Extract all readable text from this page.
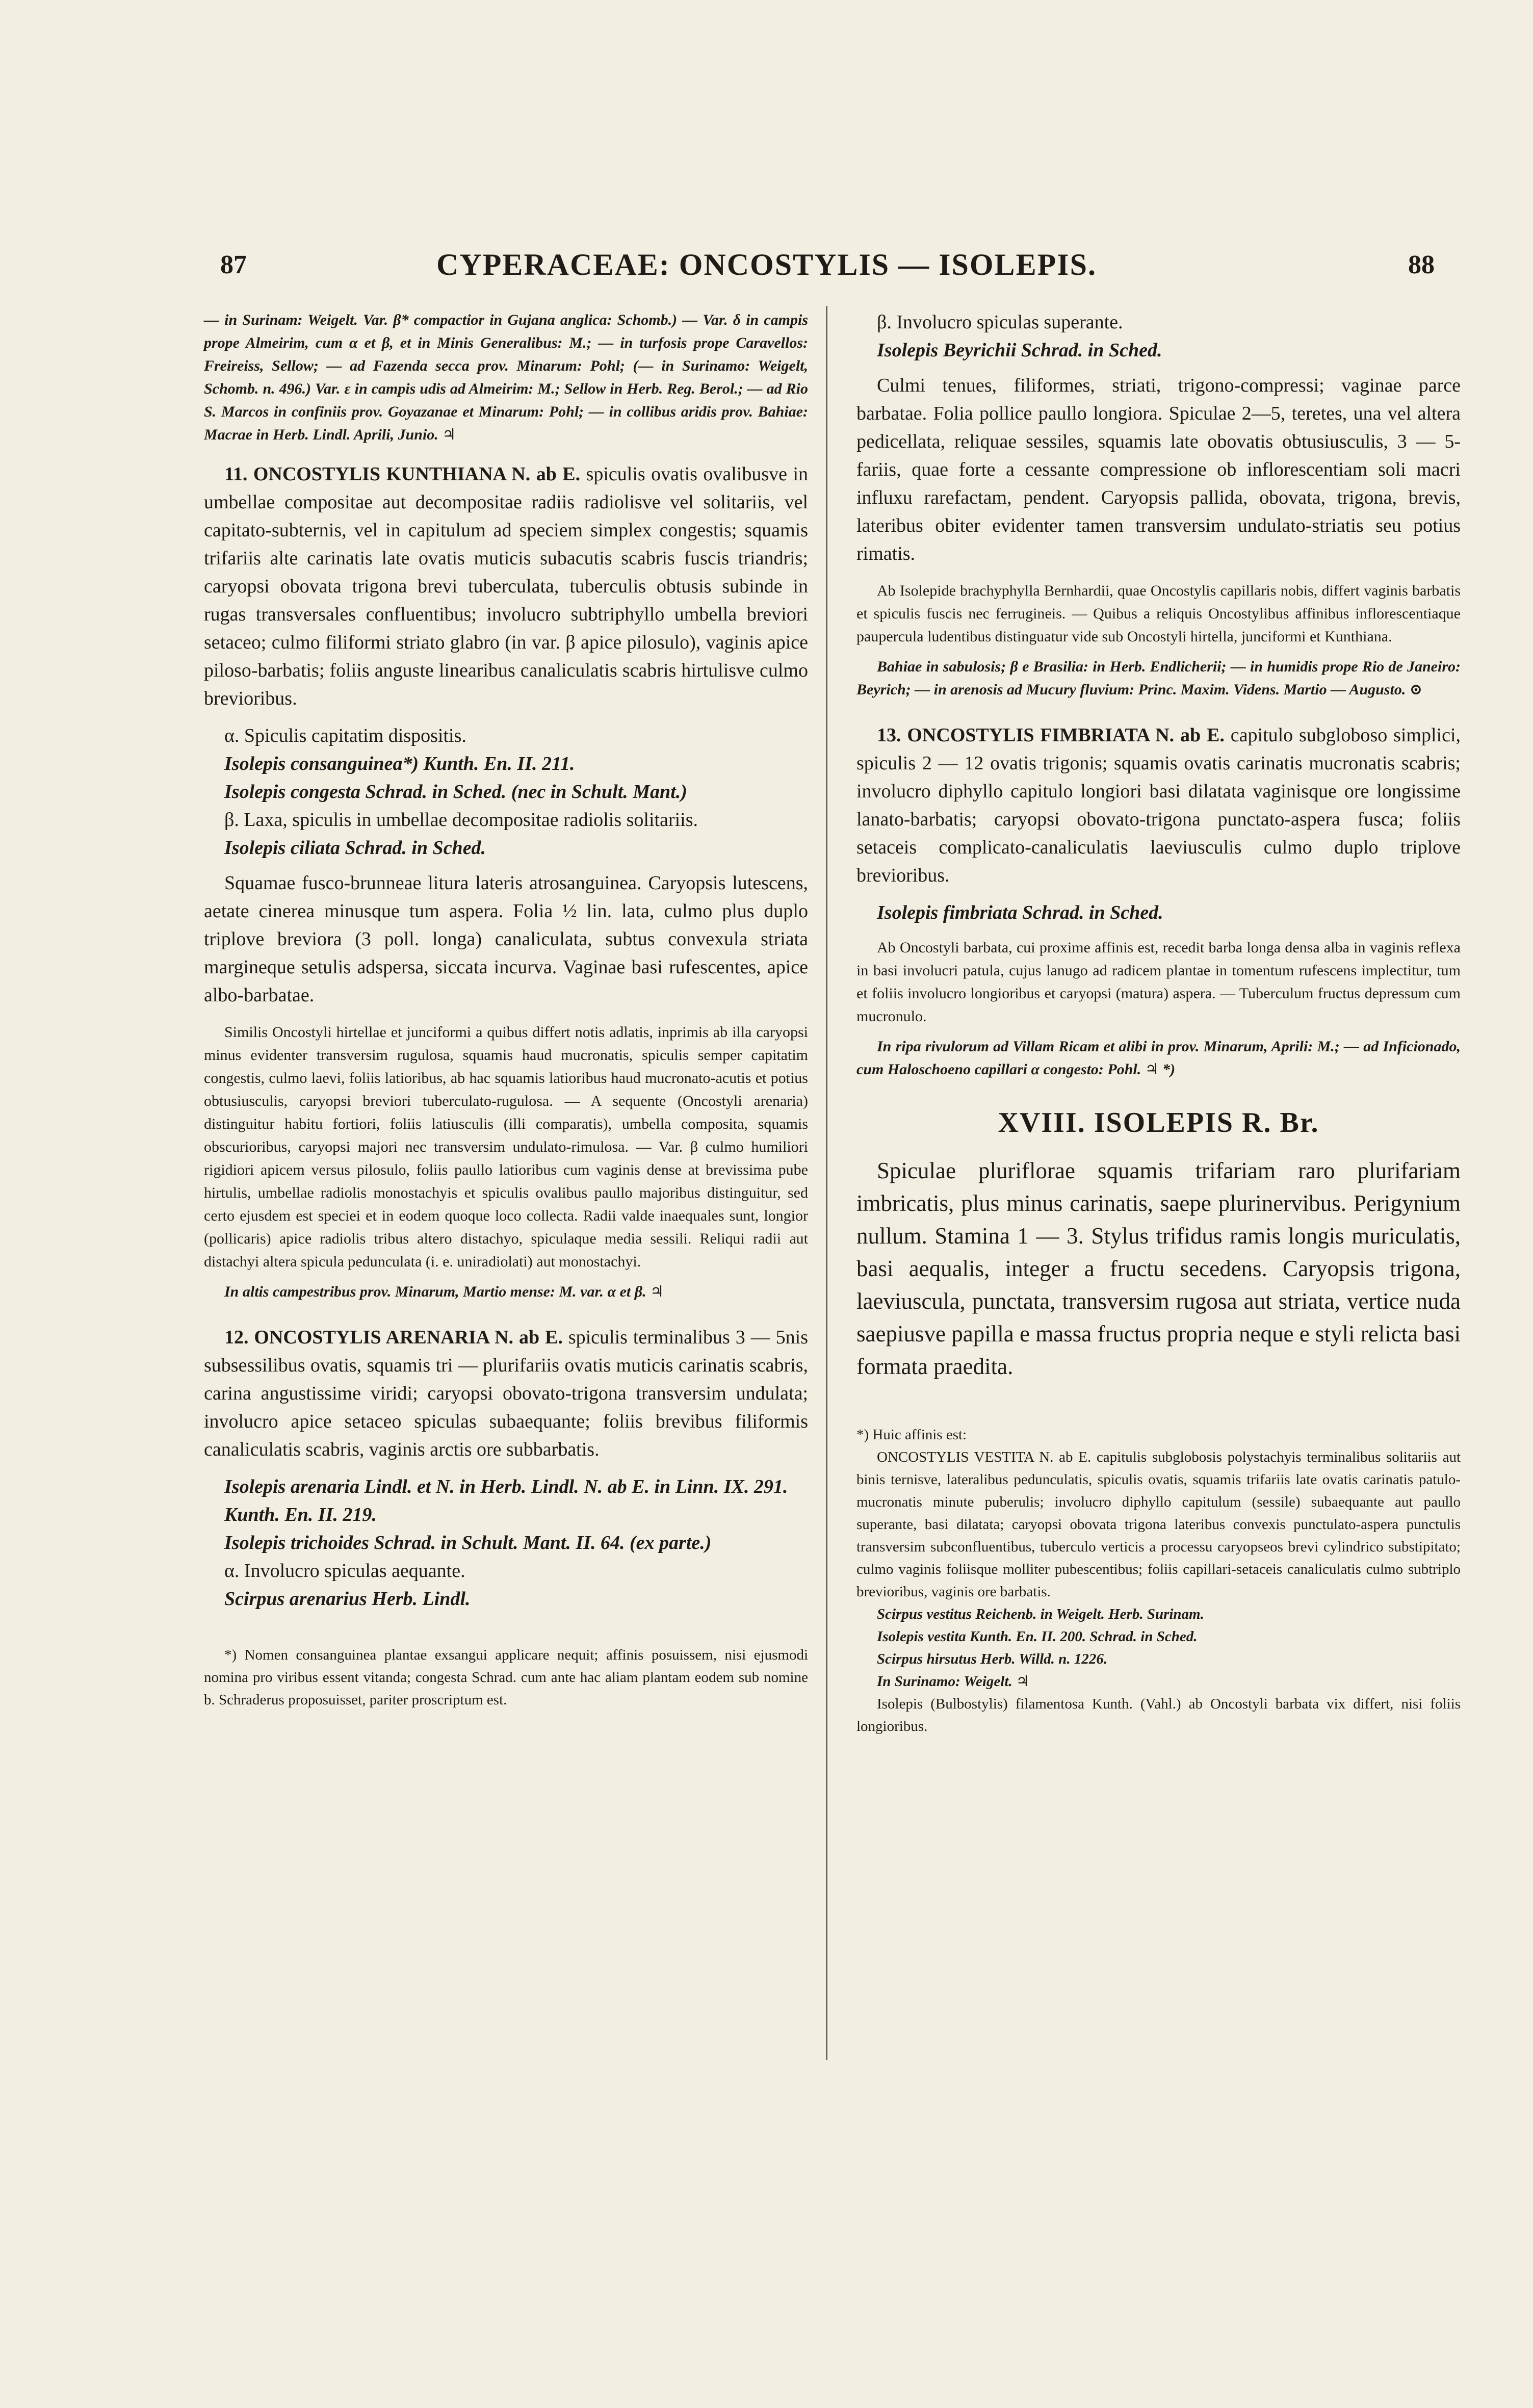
87	CYPERACEAE: ONCOSTYLIS — ISOLEPIS.	88

— in Surinam: Weigelt. Var. β* compactior in Gujana anglica: Schomb.) — Var. δ in campis prope Almeirim, cum α et β, et in Minis Generalibus: M.; — in turfosis prope Caravellos: Freireiss, Sellow; — ad Fazenda secca prov. Minarum: Pohl; (— in Surinamo: Weigelt, Schomb. n. 496.) Var. ε in campis udis ad Almeirim: M.; Sellow in Herb. Reg. Berol.; — ad Rio S. Marcos in confiniis prov. Goyazanae et Minarum: Pohl; — in collibus aridis prov. Bahiae: Macrae in Herb. Lindl. Aprili, Junio. ♃

11. ONCOSTYLIS KUNTHIANA N. ab E. spiculis ovatis ovalibusve in umbellae compositae aut decompositae radiis radiolisve vel solitariis, vel capitato-subternis, vel in capitulum ad speciem simplex congestis; squamis trifariis alte carinatis late ovatis muticis subacutis scabris fuscis triandris; caryopsi obovata trigona brevi tuberculata, tuberculis obtusis subinde in rugas transversales confluentibus; involucro subtriphyllo umbella breviori setaceo; culmo filiformi striato glabro (in var. β apice pilosulo), vaginis apice piloso-barbatis; foliis anguste linearibus canaliculatis scabris hirtulisve culmo brevioribus.

α. Spiculis capitatim dispositis.

Isolepis consanguinea*) Kunth. En. II. 211.

Isolepis congesta Schrad. in Sched. (nec in Schult. Mant.)

β. Laxa, spiculis in umbellae decompositae radiolis solitariis.

Isolepis ciliata Schrad. in Sched.

Squamae fusco-brunneae litura lateris atrosanguinea. Caryopsis lutescens, aetate cinerea minusque tum aspera. Folia ½ lin. lata, culmo plus duplo triplove breviora (3 poll. longa) canaliculata, subtus convexula striata margineque setulis adspersa, siccata incurva. Vaginae basi rufescentes, apice albo-barbatae.

Similis Oncostyli hirtellae et junciformi a quibus differt notis adlatis, inprimis ab illa caryopsi minus evidenter transversim rugulosa, squamis haud mucronatis, spiculis semper capitatim congestis, culmo laevi, foliis latioribus, ab hac squamis latioribus haud mucronato-acutis et potius obtusiusculis, caryopsi breviori tuberculato-rugulosa. — A sequente (Oncostyli arenaria) distinguitur habitu fortiori, foliis latiusculis (illi comparatis), umbella composita, squamis obscurioribus, caryopsi majori nec transversim undulato-rimulosa. — Var. β culmo humiliori rigidiori apicem versus pilosulo, foliis paullo latioribus cum vaginis dense at brevissima pube hirtulis, umbellae radiolis monostachyis et spiculis ovalibus paullo majoribus distinguitur, sed certo ejusdem est speciei et in eodem quoque loco collecta. Radii valde inaequales sunt, longior (pollicaris) apice radiolis tribus altero distachyo, spiculaque media sessili. Reliqui radii aut distachyi altera spicula pedunculata (i. e. uniradiolati) aut monostachyi.

In altis campestribus prov. Minarum, Martio mense: M. var. α et β. ♃

12. ONCOSTYLIS ARENARIA N. ab E. spiculis terminalibus 3 — 5nis subsessilibus ovatis, squamis tri — plurifariis ovatis muticis carinatis scabris, carina angustissime viridi; caryopsi obovato-trigona transversim undulata; involucro apice setaceo spiculas subaequante; foliis brevibus filiformis canaliculatis scabris, vaginis arctis ore subbarbatis.

Isolepis arenaria Lindl. et N. in Herb. Lindl. N. ab E. in Linn. IX. 291. Kunth. En. II. 219.

Isolepis trichoides Schrad. in Schult. Mant. II. 64. (ex parte.)

α. Involucro spiculas aequante.

Scirpus arenarius Herb. Lindl.

*) Nomen consanguinea plantae exsangui applicare nequit; affinis posuissem, nisi ejusmodi nomina pro viribus essent vitanda; congesta Schrad. cum ante hac aliam plantam eodem sub nomine b. Schraderus proposuisset, pariter proscriptum est.

β. Involucro spiculas superante.

Isolepis Beyrichii Schrad. in Sched.

Culmi tenues, filiformes, striati, trigono-compressi; vaginae parce barbatae. Folia pollice paullo longiora. Spiculae 2—5, teretes, una vel altera pedicellata, reliquae sessiles, squamis late obovatis obtusiusculis, 3 — 5-fariis, quae forte a cessante compressione ob inflorescentiam soli macri influxu rarefactam, pendent. Caryopsis pallida, obovata, trigona, brevis, lateribus obiter evidenter tamen transversim undulato-striatis seu potius rimatis.

Ab Isolepide brachyphylla Bernhardii, quae Oncostylis capillaris nobis, differt vaginis barbatis et spiculis fuscis nec ferrugineis. — Quibus a reliquis Oncostylibus affinibus inflorescentiaque paupercula ludentibus distinguatur vide sub Oncostyli hirtella, junciformi et Kunthiana.

Bahiae in sabulosis; β e Brasilia: in Herb. Endlicherii; — in humidis prope Rio de Janeiro: Beyrich; — in arenosis ad Mucury fluvium: Princ. Maxim. Videns. Martio — Augusto. ⊙

13. ONCOSTYLIS FIMBRIATA N. ab E. capitulo subgloboso simplici, spiculis 2 — 12 ovatis trigonis; squamis ovatis carinatis mucronatis scabris; involucro diphyllo capitulo longiori basi dilatata vaginisque ore longissime lanato-barbatis; caryopsi obovato-trigona punctato-aspera fusca; foliis setaceis complicato-canaliculatis laeviusculis culmo duplo triplove brevioribus.

Isolepis fimbriata Schrad. in Sched.

Ab Oncostyli barbata, cui proxime affinis est, recedit barba longa densa alba in vaginis reflexa in basi involucri patula, cujus lanugo ad radicem plantae in tomentum rufescens implectitur, tum et foliis involucro longioribus et caryopsi (matura) aspera. — Tuberculum fructus depressum cum mucronulo.

In ripa rivulorum ad Villam Ricam et alibi in prov. Minarum, Aprili: M.; — ad Inficionado, cum Haloschoeno capillari α congesto: Pohl. ♃ *)

XVIII. ISOLEPIS R. Br.

Spiculae pluriflorae squamis trifariam raro plurifariam imbricatis, plus minus carinatis, saepe plurinervibus. Perigynium nullum. Stamina 1 — 3. Stylus trifidus ramis longis muriculatis, basi aequalis, integer a fructu secedens. Caryopsis trigona, laeviuscula, punctata, transversim rugosa aut striata, vertice nuda saepiusve papilla e massa fructus propria neque e styli relicta basi formata praedita.

*) Huic affinis est:

ONCOSTYLIS VESTITA N. ab E. capitulis subglobosis polystachyis terminalibus solitariis aut binis ternisve, lateralibus pedunculatis, spiculis ovatis, squamis trifariis late ovatis carinatis patulo-mucronatis minute puberulis; involucro diphyllo capitulum (sessile) subaequante aut paullo superante, basi dilatata; caryopsi obovata trigona lateribus convexis punctulato-aspera punctulis transversim subconfluentibus, tuberculo verticis a processu caryopseos brevi cylindrico substipitato; culmo vaginis foliisque molliter pubescentibus; foliis capillari-setaceis canaliculatis culmo subtriplo brevioribus, vaginis ore barbatis.

Scirpus vestitus Reichenb. in Weigelt. Herb. Surinam.

Isolepis vestita Kunth. En. II. 200. Schrad. in Sched.

Scirpus hirsutus Herb. Willd. n. 1226.

In Surinamo: Weigelt. ♃

Isolepis (Bulbostylis) filamentosa Kunth. (Vahl.) ab Oncostyli barbata vix differt, nisi foliis longioribus.
